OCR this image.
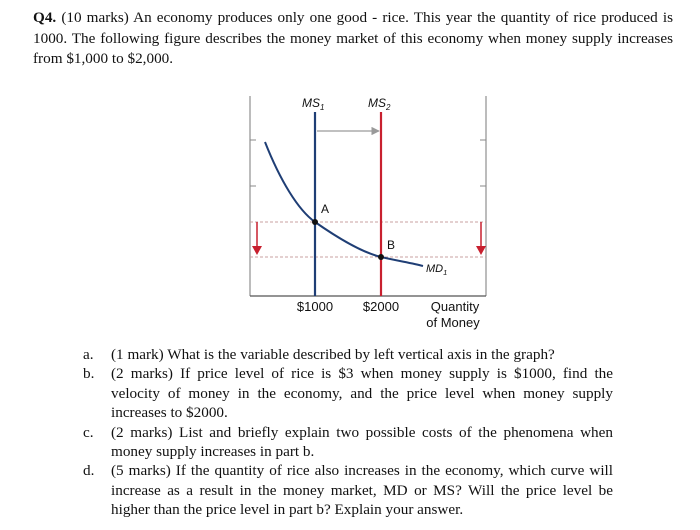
Q4. (10 marks) An economy produces only one good - rice. This year the quantity of rice produced is 1000. The following figure describes the money market of this economy when money supply increases from $1,000 to $2,000.
$MS_1$	$MS_2$
$MD_1$
A
B
$1000 $2000 Quantity
of Money
a. (1 mark) What is the variable described by left vertical axis in the graph?
b. (2 marks) If price level of rice is $3 when money supply is $1000, find the velocity of money in the economy, and the price level when money supply increases to $2000.
c. (2 marks) List and briefly explain two possible costs of the phenomena when money supply increases in part b.
d. (5 marks) If the quantity of rice also increases in the economy, which curve will increase as a result in the money market, MD or MS? Will the price level be higher than the price level in part b? Explain your answer.
